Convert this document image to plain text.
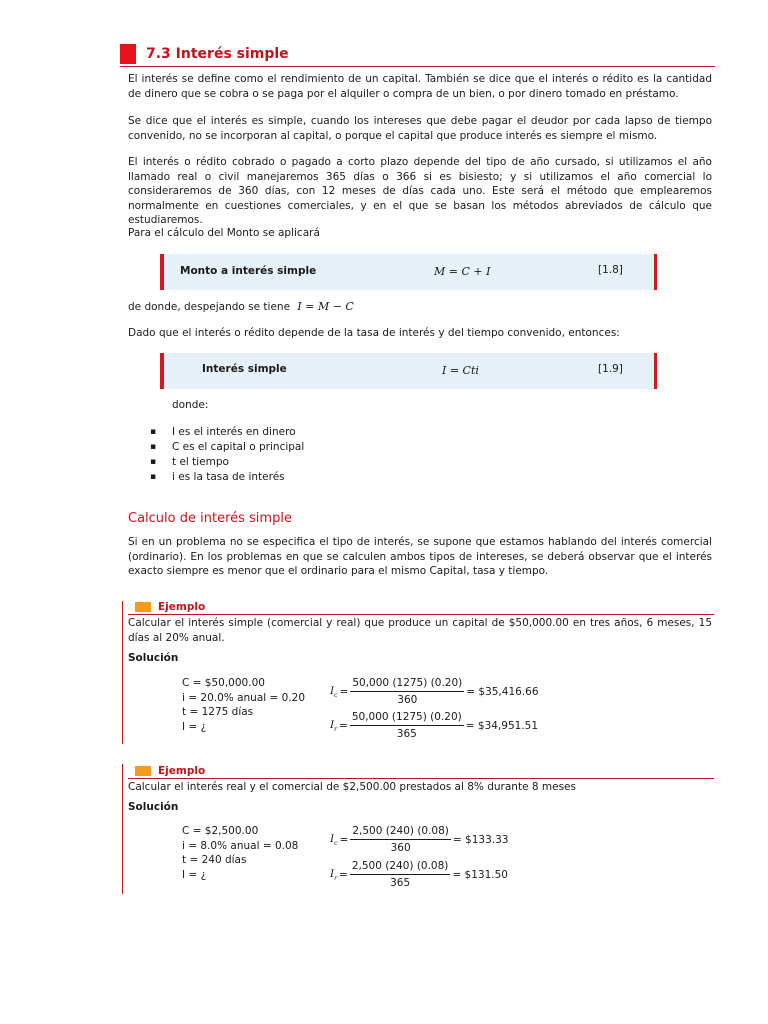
7.3 Interés simple
El interés se define como el rendimiento de un capital. También se dice que el interés o rédito es la cantidad de dinero que se cobra o se paga por el alquiler o compra de un bien, o por dinero tomado en préstamo.
Se dice que el interés es simple, cuando los intereses que debe pagar el deudor por cada lapso de tiempo convenido, no se incorporan al capital, o porque el capital que produce interés es siempre el mismo.
El interés o rédito cobrado o pagado a corto plazo depende del tipo de año cursado, si utilizamos el año llamado real o civil manejaremos 365 días o 366 si es bisiesto; y si utilizamos el año comercial lo consideraremos de 360 días, con 12 meses de días cada uno. Este será el método que emplearemos normalmente en cuestiones comerciales, y en el que se basan los métodos abreviados de cálculo que estudiaremos.
Para el cálculo del Monto se aplicará
Monto a interés simple	M = C + I	[1.8]
de donde, despejando se tiene I = M − C
Dado que el interés o rédito depende de la tasa de interés y del tiempo convenido, entonces:
Interés simple	I = Cti	[1.9]
donde:
▪ I es el interés en dinero
▪ C es el capital o principal
▪ t el tiempo
▪ i es la tasa de interés
Calculo de interés simple
Si en un problema no se especifica el tipo de interés, se supone que estamos hablando del interés comercial (ordinario). En los problemas en que se calculen ambos tipos de intereses, se deberá observar que el interés exacto siempre es menor que el ordinario para el mismo Capital, tasa y tiempo.
Ejemplo
Calcular el interés simple (comercial y real) que produce un capital de $50,000.00 en tres años, 6 meses, 15 días al 20% anual.
Solución
C = $50,000.00
i = 20.0% anual = 0.20
t = 1275 días
I = ¿
$I_c = \frac{50,000 (1275) (0.20)}{360}$ = $35,416.66
$I_r = \frac{50,000 (1275) (0.20)}{365}$ = $34,951.51
Ejemplo
Calcular el interés real y el comercial de $2,500.00 prestados al 8% durante 8 meses
Solución
C = $2,500.00
i = 8.0% anual = 0.08
t = 240 días
I = ¿
$I_c = \frac{2,500 (240) (0.08)}{360}$ = $133.33
$I_r = \frac{2,500 (240) (0.08)}{365}$ = $131.50
